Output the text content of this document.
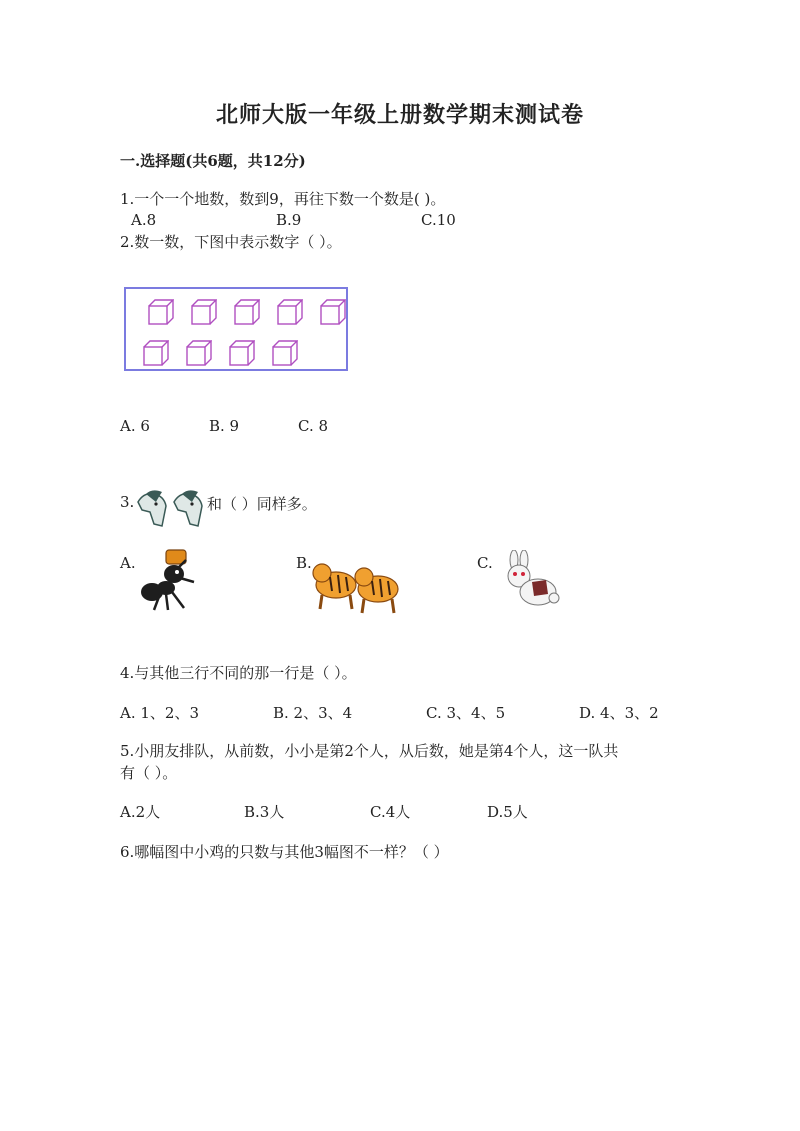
北师大版一年级上册数学期末测试卷
一.选择题(共6题，共12分)
1.一个一个地数，数到9，再往下数一个数是( )。
A.8	B.9	C.10
2.数一数，下图中表示数字（ ）。
A. 6	B. 9	C. 8
3.	和（ ）同样多。
A.	B.	C.
4.与其他三行不同的那一行是（ ）。
A. 1、2、3	B. 2、3、4	C. 3、4、5	D. 4、3、2
5.小朋友排队，从前数，小小是第2个人，从后数，她是第4个人，这一队共
有（ ）。
A.2人	B.3人	C.4人	D.5人
6.哪幅图中小鸡的只数与其他3幅图不一样？（ ）
